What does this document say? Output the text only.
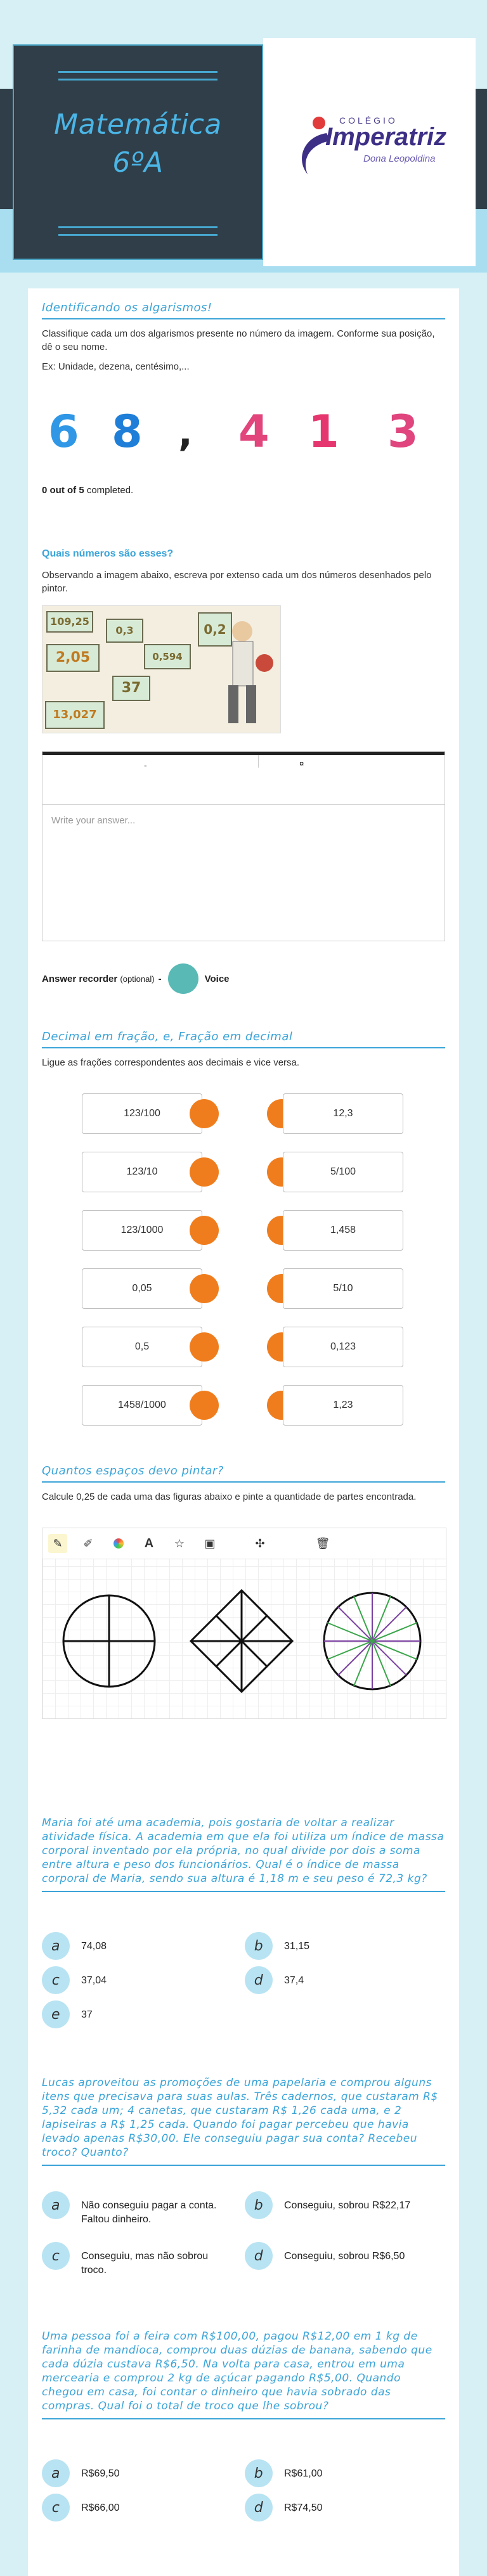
Matemática
6ºA
COLÉGIO
Imperatriz
Dona Leopoldina
Identificando os algarismos!
Classifique cada um dos algarismos presente no número da imagem. Conforme sua posição, dê o seu nome.
Ex: Unidade, dezena, centésimo,...
6 8 , 4 1 3
0 out of 5 completed.
Quais números são esses?
Observando a imagem abaixo, escreva por extenso cada um dos números desenhados pelo pintor.
109,25
0,3
2,05	0,594
0,2
37
13,027
-	¤
Write your answer...
Answer recorder
(optional) -	Voice
Decimal em fração, e, Fração em decimal
Ligue as frações correspondentes aos decimais e vice versa.
123/100
123/10
123/1000
0,05
0,5
1458/1000
12,3
5/100
1,458
5/10
0,123
1,23
Quantos espaços devo pintar?
Calcule 0,25 de cada uma das figuras abaixo e pinte a quantidade de partes encontrada.
✎	✐	A	☆	▣	✣	🗑
Maria foi até uma academia, pois gostaria de voltar a realizar atividade física. A academia em que ela foi utiliza um índice de massa corporal inventado por ela própria, no qual divide por dois a soma entre altura e peso dos funcionários. Qual é o índice de massa corporal de Maria, sendo sua altura é 1,18 m e seu peso é 72,3 kg?
a	74,08	b	31,15
c	37,04	d	37,4
e	37
Lucas aproveitou as promoções de uma papelaria e comprou alguns itens que precisava para suas aulas. Três cadernos, que custaram R$ 5,32 cada um; 4 canetas, que custaram R$ 1,26 cada uma, e 2 lapiseiras a R$ 1,25 cada. Quando foi pagar percebeu que havia levado apenas R$30,00. Ele conseguiu pagar sua conta? Recebeu troco? Quanto?
a	Não conseguiu pagar a conta. Faltou dinheiro.
b	Conseguiu, sobrou R$22,17
c	Conseguiu, mas não sobrou troco.
d	Conseguiu, sobrou R$6,50
Uma pessoa foi a feira com R$100,00, pagou R$12,00 em 1 kg de farinha de mandioca, comprou duas dúzias de banana, sabendo que cada dúzia custava R$6,50. Na volta para casa, entrou em uma mercearia e comprou 2 kg de açúcar pagando R$5,00. Quando chegou em casa, foi contar o dinheiro que havia sobrado das compras. Qual foi o total de troco que lhe sobrou?
a	R$69,50	b	R$61,00
c	R$66,00	d	R$74,50
